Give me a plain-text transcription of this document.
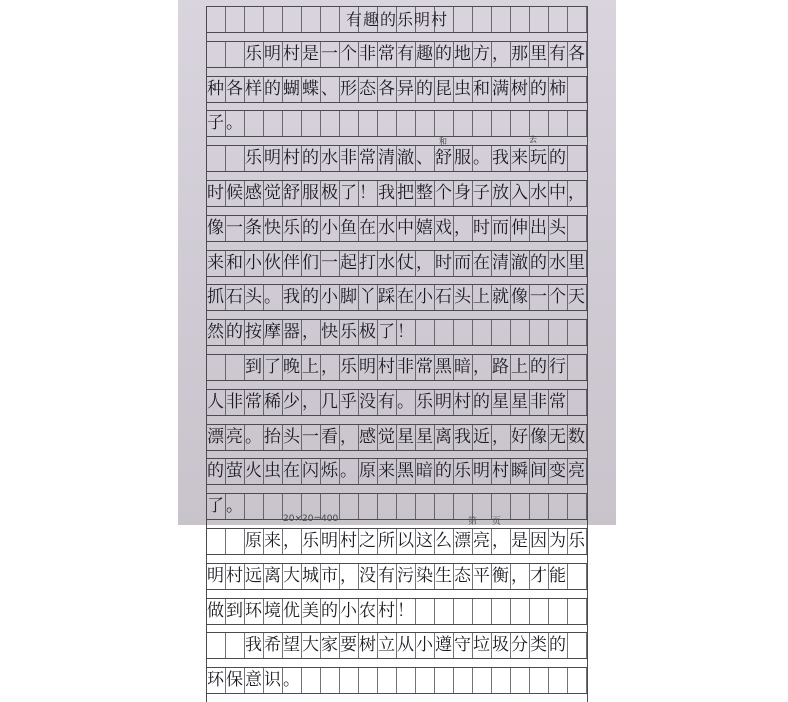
有趣的乐明村
乐明村是一个非常有趣的地方，那里有各
种各样的蝴蝶、形态各异的昆虫和满树的柿
子。
乐明村的水非常清澈、舒服。我来玩的
和	去
时候感觉舒服极了！我把整个身子放入水中，
像一条快乐的小鱼在水中嬉戏，时而伸出头
来和小伙伴们一起打水仗，时而在清澈的水里
抓石头。我的小脚丫踩在小石头上就像一个天
然的按摩器，快乐极了！
到了晚上，乐明村非常黑暗，路上的行
人非常稀少，几乎没有。乐明村的星星非常
漂亮。抬头一看，感觉星星离我近，好像无数
的萤火虫在闪烁。原来黑暗的乐明村瞬间变亮
了。
原来，乐明村之所以这么漂亮，是因为乐
明村远离大城市，没有污染生态平衡，才能
做到环境优美的小农村！
我希望大家要树立从小遵守垃圾分类的
环保意识。
20×20=400	第 页
